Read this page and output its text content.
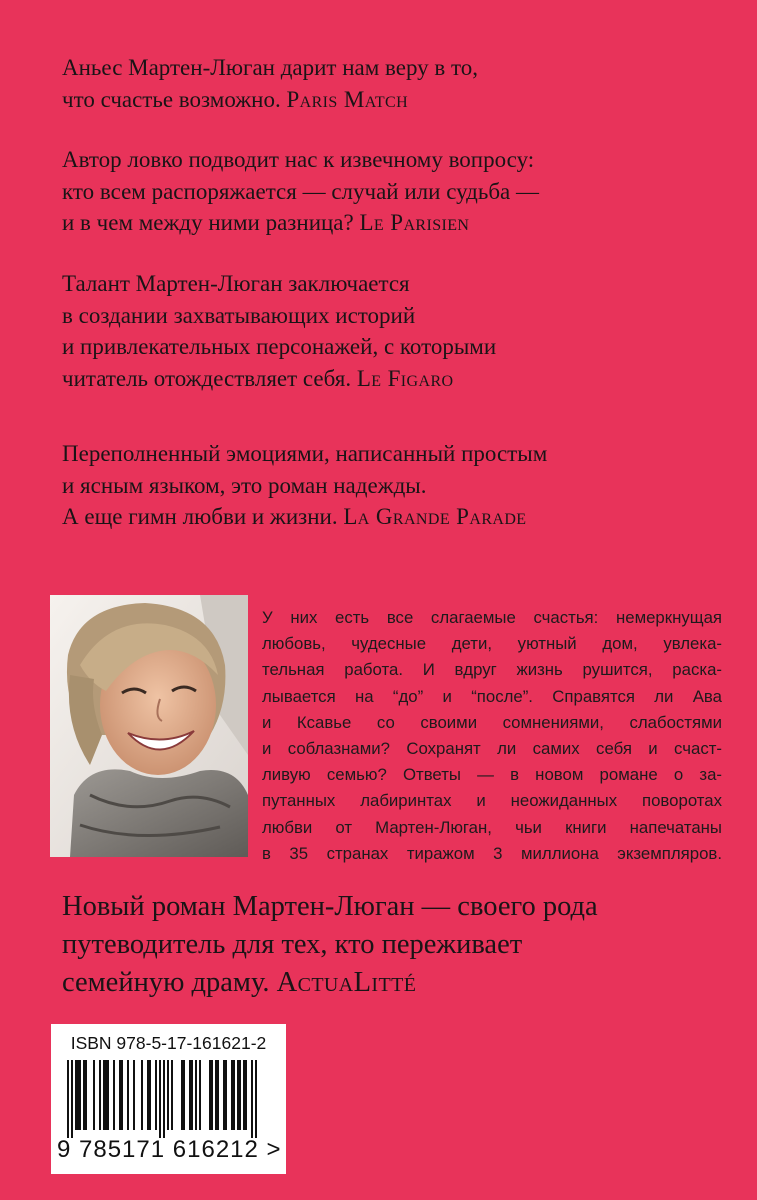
Аньес Мартен-Люган дарит нам веру в то,
что счастье возможно. Paris Match
Автор ловко подводит нас к извечному вопросу:
кто всем распоряжается — случай или судьба —
и в чем между ними разница? Le Parisien
Талант Мартен-Люган заключается
в создании захватывающих историй
и привлекательных персонажей, с которыми
читатель отождествляет себя. Le Figaro
Переполненный эмоциями, написанный простым
и ясным языком, это роман надежды.
А еще гимн любви и жизни. La Grande Parade
У них есть все слагаемые счастья: немеркнущая
любовь, чудесные дети, уютный дом, увлека-
тельная работа. И вдруг жизнь рушится, раска-
лывается на “до” и “после”. Справятся ли Ава
и Ксавье со своими сомнениями, слабостями
и соблазнами? Сохранят ли самих себя и счаст-
ливую семью? Ответы — в новом романе о за-
путанных лабиринтах и неожиданных поворотах
любви от Мартен-Люган, чьи книги напечатаны
в 35 странах тиражом 3 миллиона экземпляров.
Новый роман Мартен-Люган — своего рода
путеводитель для тех, кто переживает
семейную драму. ActuaLitté
ISBN 978-5-17-161621-2
9 785171 616212 >
